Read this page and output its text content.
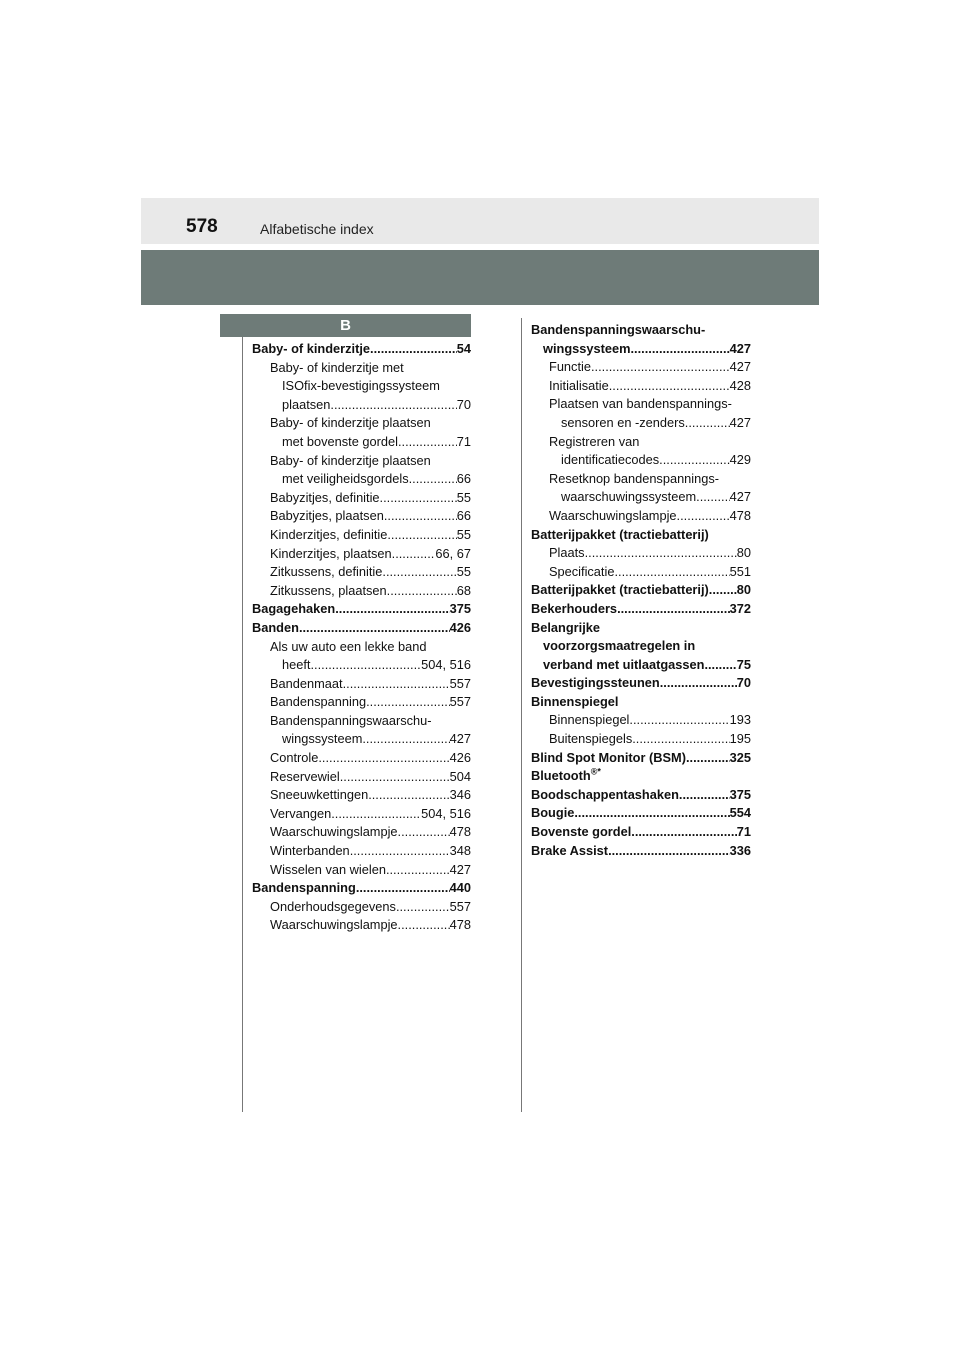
578	Alfabetische index
B
Baby- of kinderzitje .....	54
Baby- of kinderzitje met
ISOfix-bevestigingssysteem
plaatsen .....	70
Baby- of kinderzitje plaatsen
met bovenste gordel .....	71
Baby- of kinderzitje plaatsen
met veiligheidsgordels .....	66
Babyzitjes, definitie .....	55
Babyzitjes, plaatsen .....	66
Kinderzitjes, definitie .....	55
Kinderzitjes, plaatsen .....	66, 67
Zitkussens, definitie .....	55
Zitkussens, plaatsen .....	68
Bagagehaken .....	375
Banden .....	426
Als uw auto een lekke band
heeft .....	504, 516
Bandenmaat .....	557
Bandenspanning .....	557
Bandenspanningswaarschu-
wingssysteem .....	427
Controle .....	426
Reservewiel .....	504
Sneeuwkettingen .....	346
Vervangen .....	504, 516
Waarschuwingslampje .....	478
Winterbanden .....	348
Wisselen van wielen .....	427
Bandenspanning .....	440
Onderhoudsgegevens .....	557
Waarschuwingslampje .....	478
Bandenspanningswaarschu-
wingssysteem .....	427
Functie .....	427
Initialisatie .....	428
Plaatsen van bandenspannings-
sensoren en -zenders .....	427
Registreren van
identificatiecodes .....	429
Resetknop bandenspannings-
waarschuwingssysteem .....	427
Waarschuwingslampje .....	478
Batterijpakket (tractiebatterij)
Plaats .....	80
Specificatie .....	551
Batterijpakket (tractiebatterij) ..... 80
Bekerhouders .....	372
Belangrijke
voorzorgsmaatregelen in
verband met uitlaatgassen .....	75
Bevestigingssteunen .....	70
Binnenspiegel
Binnenspiegel .....	193
Buitenspiegels .....	195
Blind Spot Monitor (BSM) .....	325
Bluetooth®*
Boodschappentashaken .....	375
Bougie .....	554
Bovenste gordel .....	71
Brake Assist .....	336
